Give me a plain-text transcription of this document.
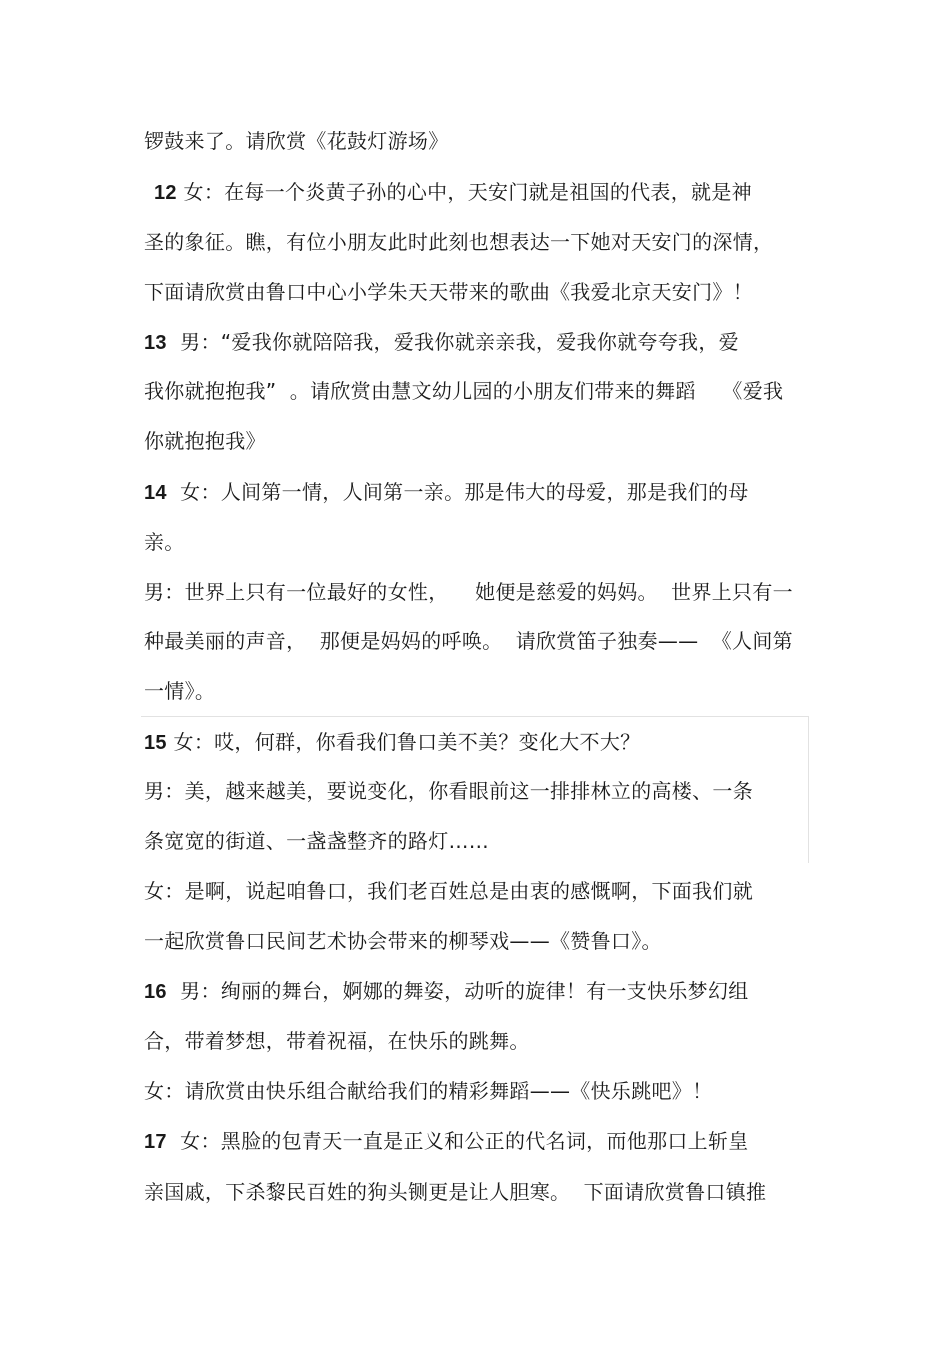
锣鼓来了。请欣赏《花鼓灯游场》
12 女：在每一个炎黄子孙的心中，天安门就是祖国的代表，就是神
圣的象征。瞧，有位小朋友此时此刻也想表达一下她对天安门的深情，
下面请欣赏由鲁口中心小学朱天天带来的歌曲《我爱北京天安门》！
13  男：“爱我你就陪陪我，爱我你就亲亲我，爱我你就夸夸我，爱
我你就抱抱我”  。请欣赏由慧文幼儿园的小朋友们带来的舞蹈    《爱我
你就抱抱我》
14  女：人间第一情，人间第一亲。那是伟大的母爱，那是我们的母
亲。
男：世界上只有一位最好的女性，    她便是慈爱的妈妈。  世界上只有一
种最美丽的声音，  那便是妈妈的呼唤。  请欣赏笛子独奏——  《人间第
一情》。
15 女：哎，何群，你看我们鲁口美不美？变化大不大？
男：美，越来越美，要说变化，你看眼前这一排排林立的高楼、一条
条宽宽的街道、一盏盏整齐的路灯……
女：是啊，说起咱鲁口，我们老百姓总是由衷的感慨啊，下面我们就
一起欣赏鲁口民间艺术协会带来的柳琴戏——《赞鲁口》。
16  男：绚丽的舞台，婀娜的舞姿，动听的旋律！有一支快乐梦幻组
合，带着梦想，带着祝福，在快乐的跳舞。
女：请欣赏由快乐组合献给我们的精彩舞蹈——《快乐跳吧》！
17  女：黑脸的包青天一直是正义和公正的代名词，而他那口上斩皇
亲国戚，下杀黎民百姓的狗头铡更是让人胆寒。  下面请欣赏鲁口镇推
